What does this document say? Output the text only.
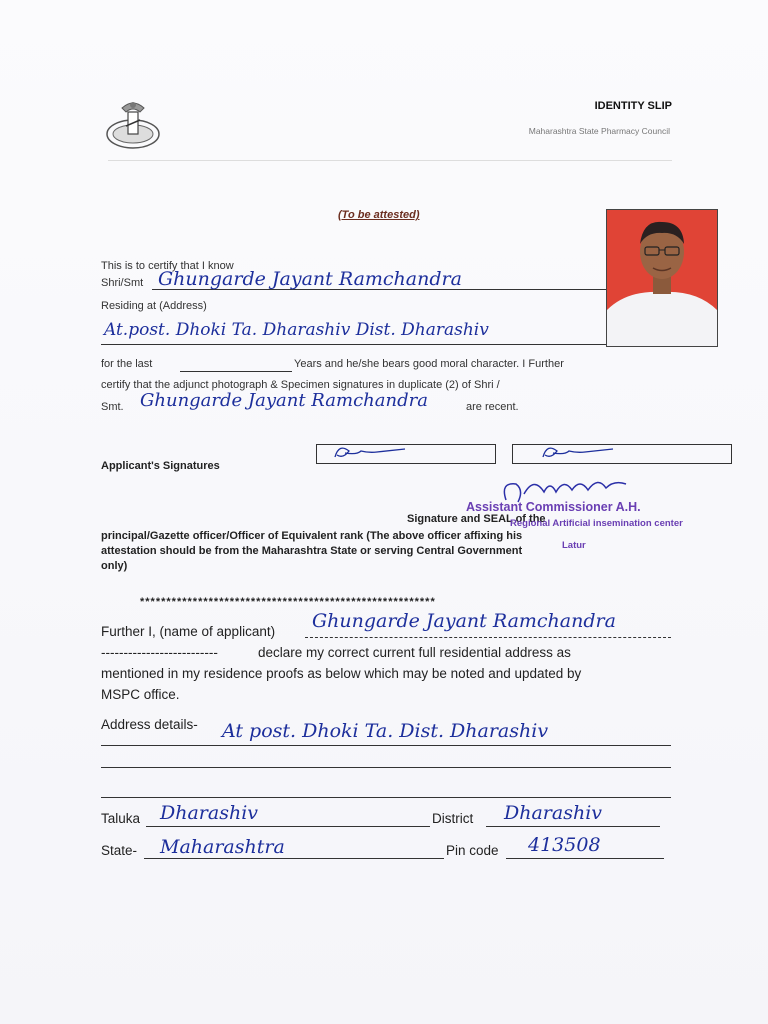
IDENTITY SLIP
Maharashtra State Pharmacy Council
(To be attested)
This is to certify that I know
Shri/Smt Ghungarde Jayant Ramchandra
Residing at (Address)
At.post. Dhoki Ta. Dharashiv Dist. Dharashiv
for the last	Years and he/she bears good moral character. I Further
certify that the adjunct photograph & Specimen signatures in duplicate (2) of Shri /
Smt. Ghungarde Jayant Ramchandra	are recent.
Applicant's Signatures
Signature and SEAL of the
principal/Gazette officer/Officer of Equivalent rank (The above officer affixing his
attestation should be from the Maharashtra State or serving Central Government
only)
Assistant Commissioner A.H.
Regional Artificial insemination center
Latur
********************************************************
Further I, (name of applicant) Ghungarde Jayant Ramchandra
--------------------------	declare my correct current full residential address as
mentioned in my residence proofs as below which may be noted and updated by
MSPC office.
Address details- At post. Dhoki Ta. Dist. Dharashiv
Taluka Dharashiv	District Dharashiv
State- Maharashtra	Pin code 413508
